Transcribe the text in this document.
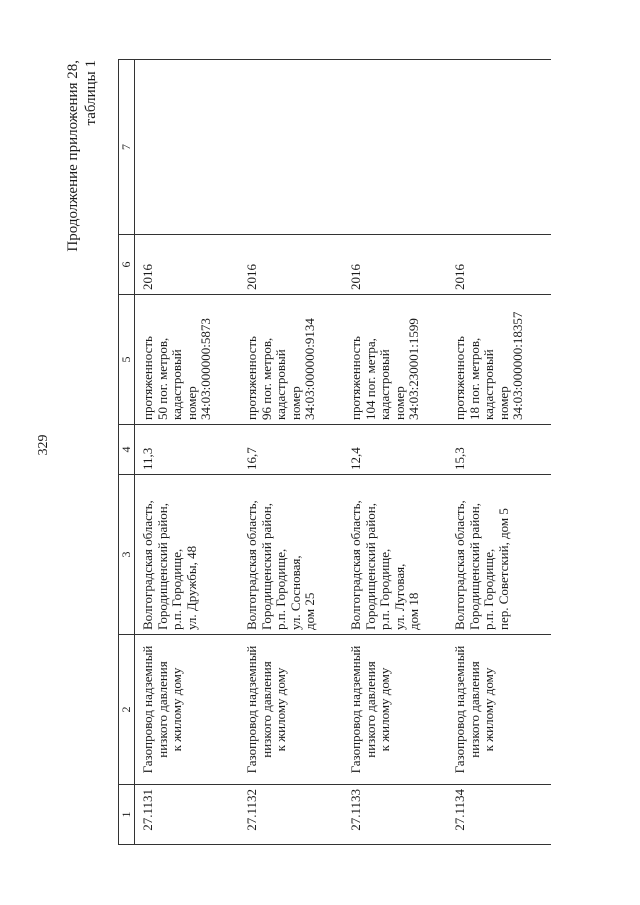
329
Продолжение приложения 28, таблицы 1
1	2	3	4	5	6	7

27.1131	Газопровод надземный низкого давления к жилому дому	Волгоградская область, Городищенский район, р.п. Городище, ул. Дружбы, 48	11,3	протяженность 50 пог. метров, кадастровый номер 34:03:000000:5873	2016	

27.1132	Газопровод надземный низкого давления к жилому дому	Волгоградская область, Городищенский район, р.п. Городище, ул. Сосновая, дом 25	16,7	протяженность 96 пог. метров, кадастровый номер 34:03:000000:9134	2016	

27.1133	Газопровод надземный низкого давления к жилому дому	Волгоградская область, Городищенский район, р.п. Городище, ул. Луговая, дом 18	12,4	протяженность 104 пог. метра, кадастровый номер 34:03:230001:1599	2016	

27.1134	Газопровод надземный низкого давления к жилому дому	Волгоградская область, Городищенский район, р.п. Городище, пер. Советский, дом 5	15,3	протяженность 18 пог. метров, кадастровый номер 34:03:000000:18357	2016	
